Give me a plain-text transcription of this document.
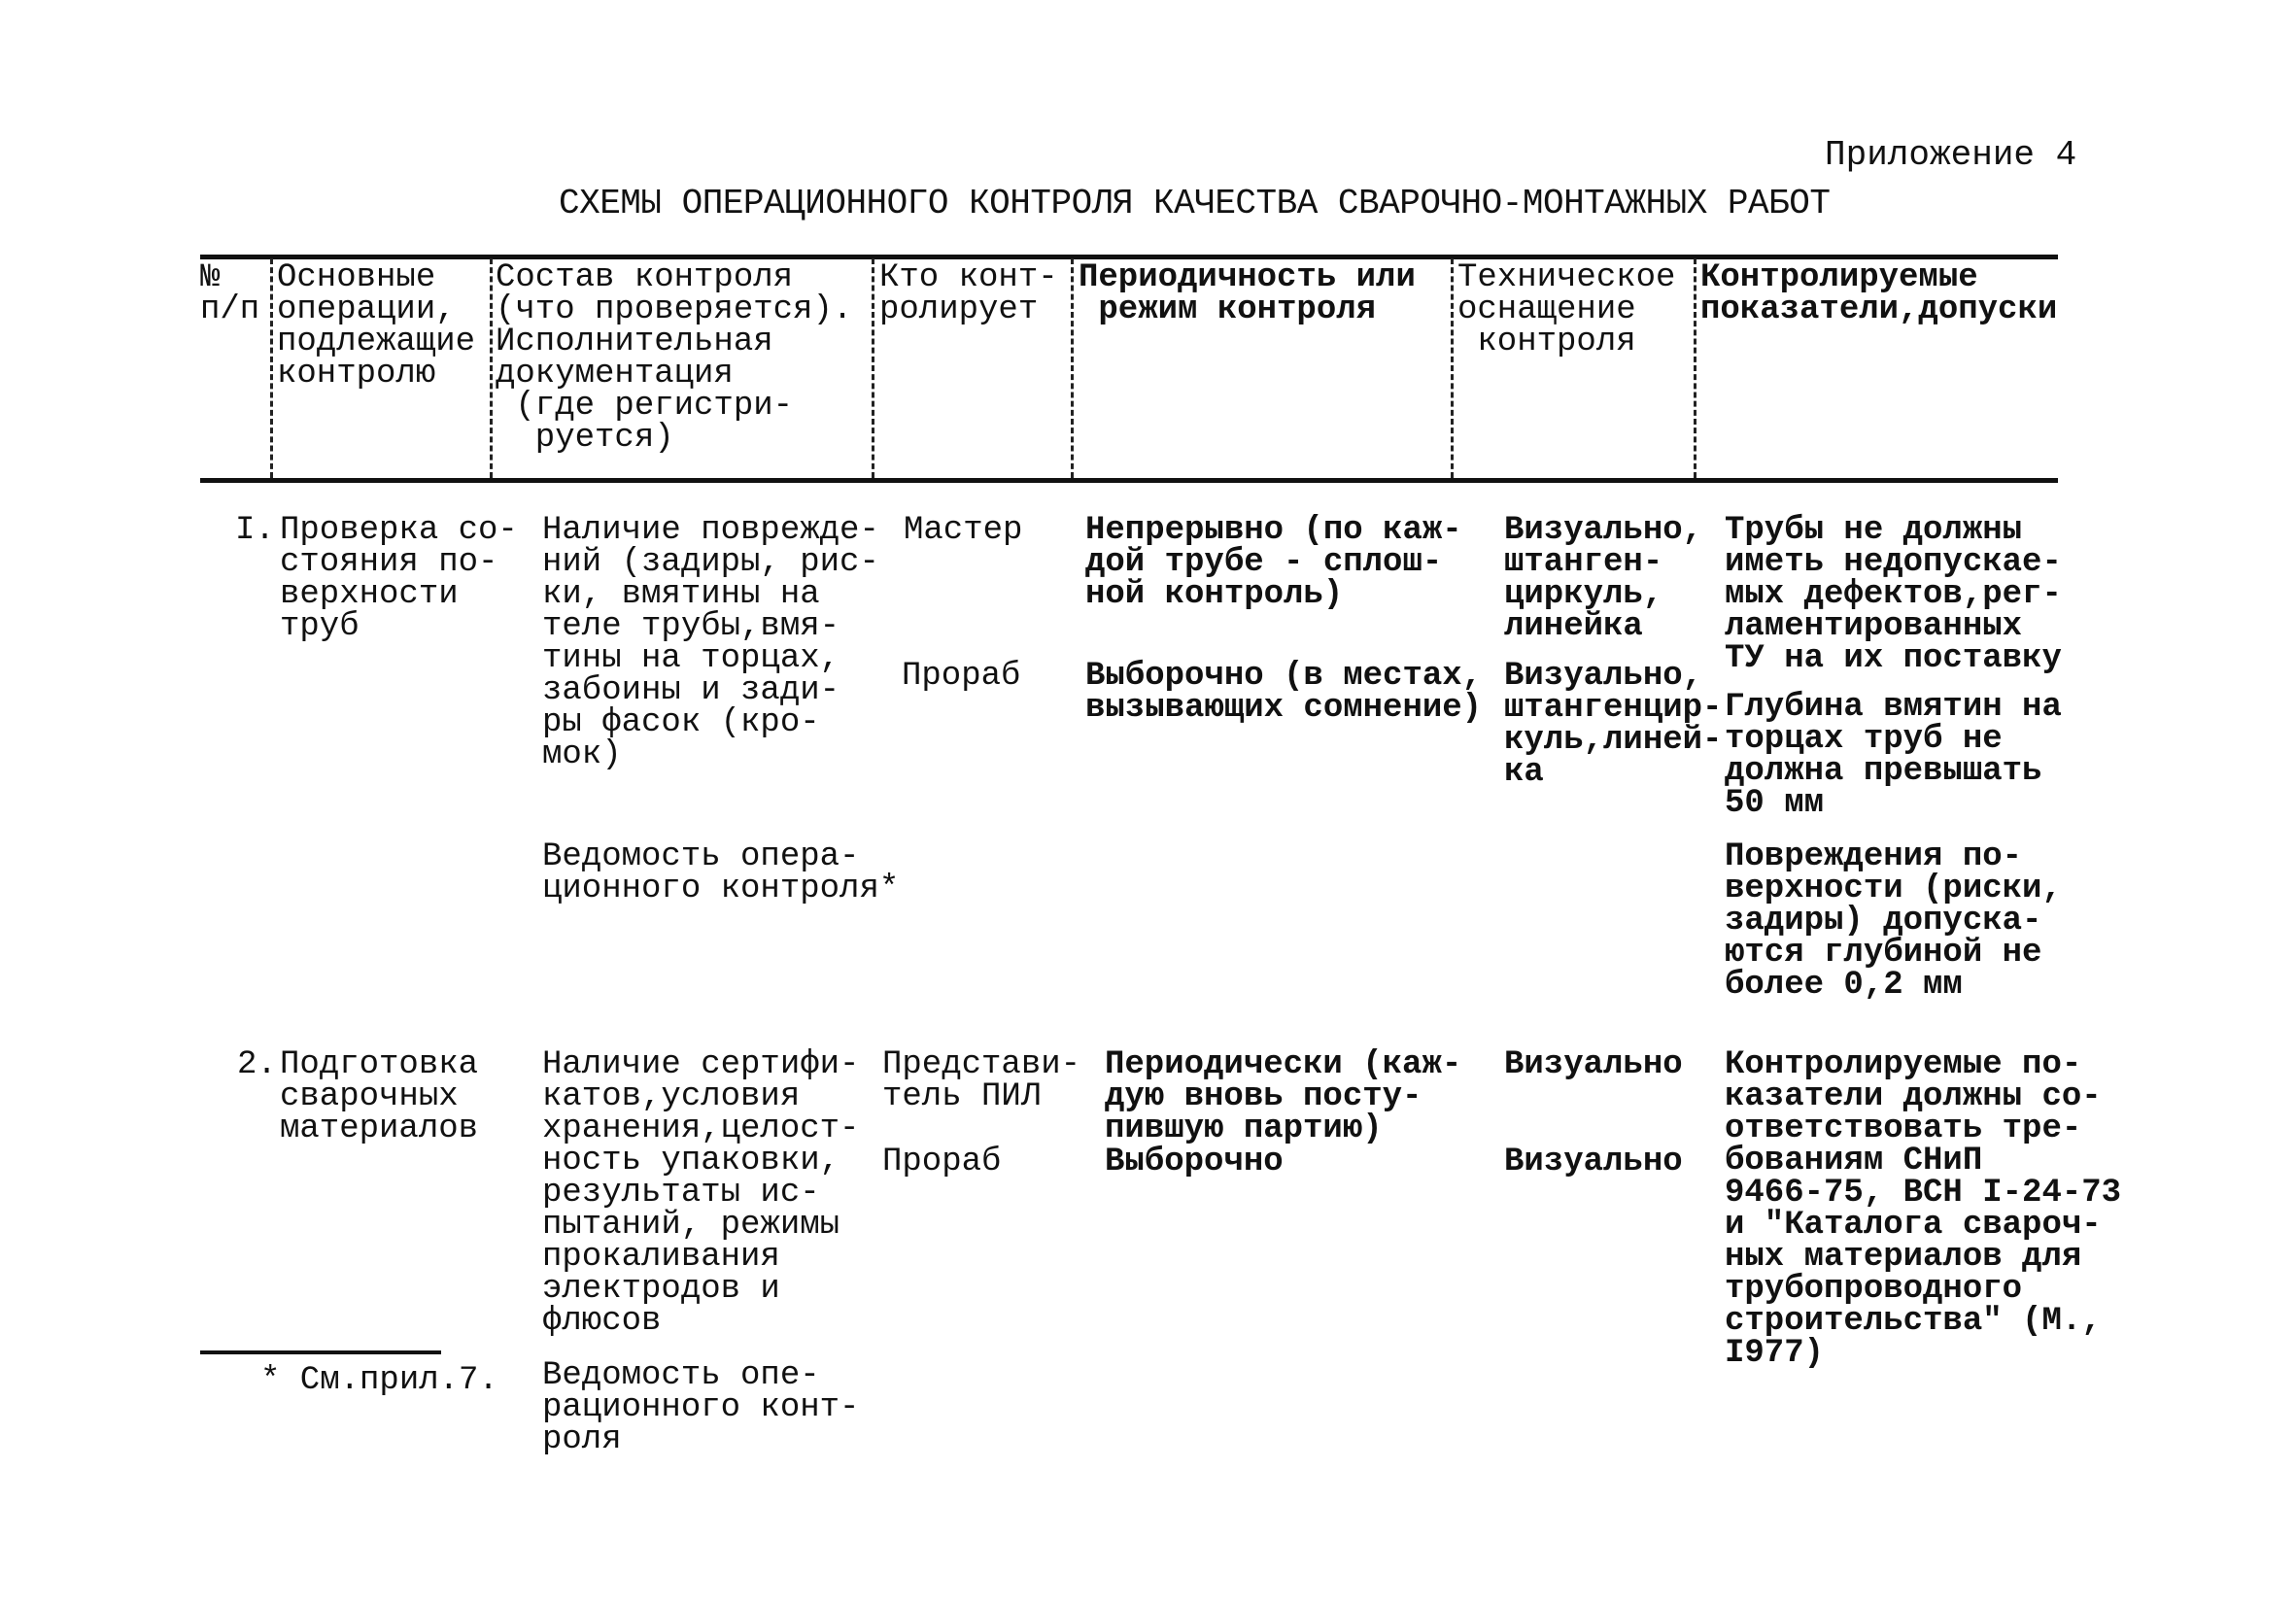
Приложение 4
СХЕМЫ ОПЕРАЦИОННОГО КОНТРОЛЯ КАЧЕСТВА СВАРОЧНО-МОНТАЖНЫХ РАБОТ
№
п/п
Основные
операции,
подлежащие
контролю
Состав контроля
(что проверяется).
Исполнительная
документация
(где регистри-
руется)
Кто конт-
ролирует
Периодичность или
режим контроля
Техническое
оснащение
контроля
Контролируемые
показатели,допуски
I. Проверка со-
стояния по-
верхности
труб
Наличие поврежде-
ний (задиры, рис-
ки, вмятины на
теле трубы,вмя-
тины на торцах,
забоины и зади-
ры фасок (кро-
мок)
Ведомость опера-
ционного контроля*
Мастер
Прораб
Непрерывно (по каж-
дой трубе - сплош-
ной контроль)
Выборочно (в местах,
вызывающих сомнение)
Визуально,
штанген-
циркуль,
линейка
Визуально,
штангенцир-
куль,линей-
ка
Трубы не должны
иметь недопускае-
мых дефектов,рег-
ламентированных
ТУ на их поставку
Глубина вмятин на
торцах труб не
должна превышать
50 мм
Повреждения по-
верхности (риски,
задиры) допуска-
ются глубиной не
более 0,2 мм
2. Подготовка
сварочных
материалов
Наличие сертифи-
катов,условия
хранения,целост-
ность упаковки,
результаты ис-
пытаний, режимы
прокаливания
электродов и
флюсов
Ведомость опе-
рационного конт-
роля
Представи-
тель ПИЛ
Прораб
Периодически (каж-
дую вновь посту-
пившую партию)
Выборочно
Визуально
Визуально
Контролируемые по-
казатели должны со-
ответствовать тре-
бованиям СНиП
9466-75, ВСН I-24-73
и "Каталога свароч-
ных материалов для
трубопроводного
строительства" (М.,
I977)
* См.прил.7.
